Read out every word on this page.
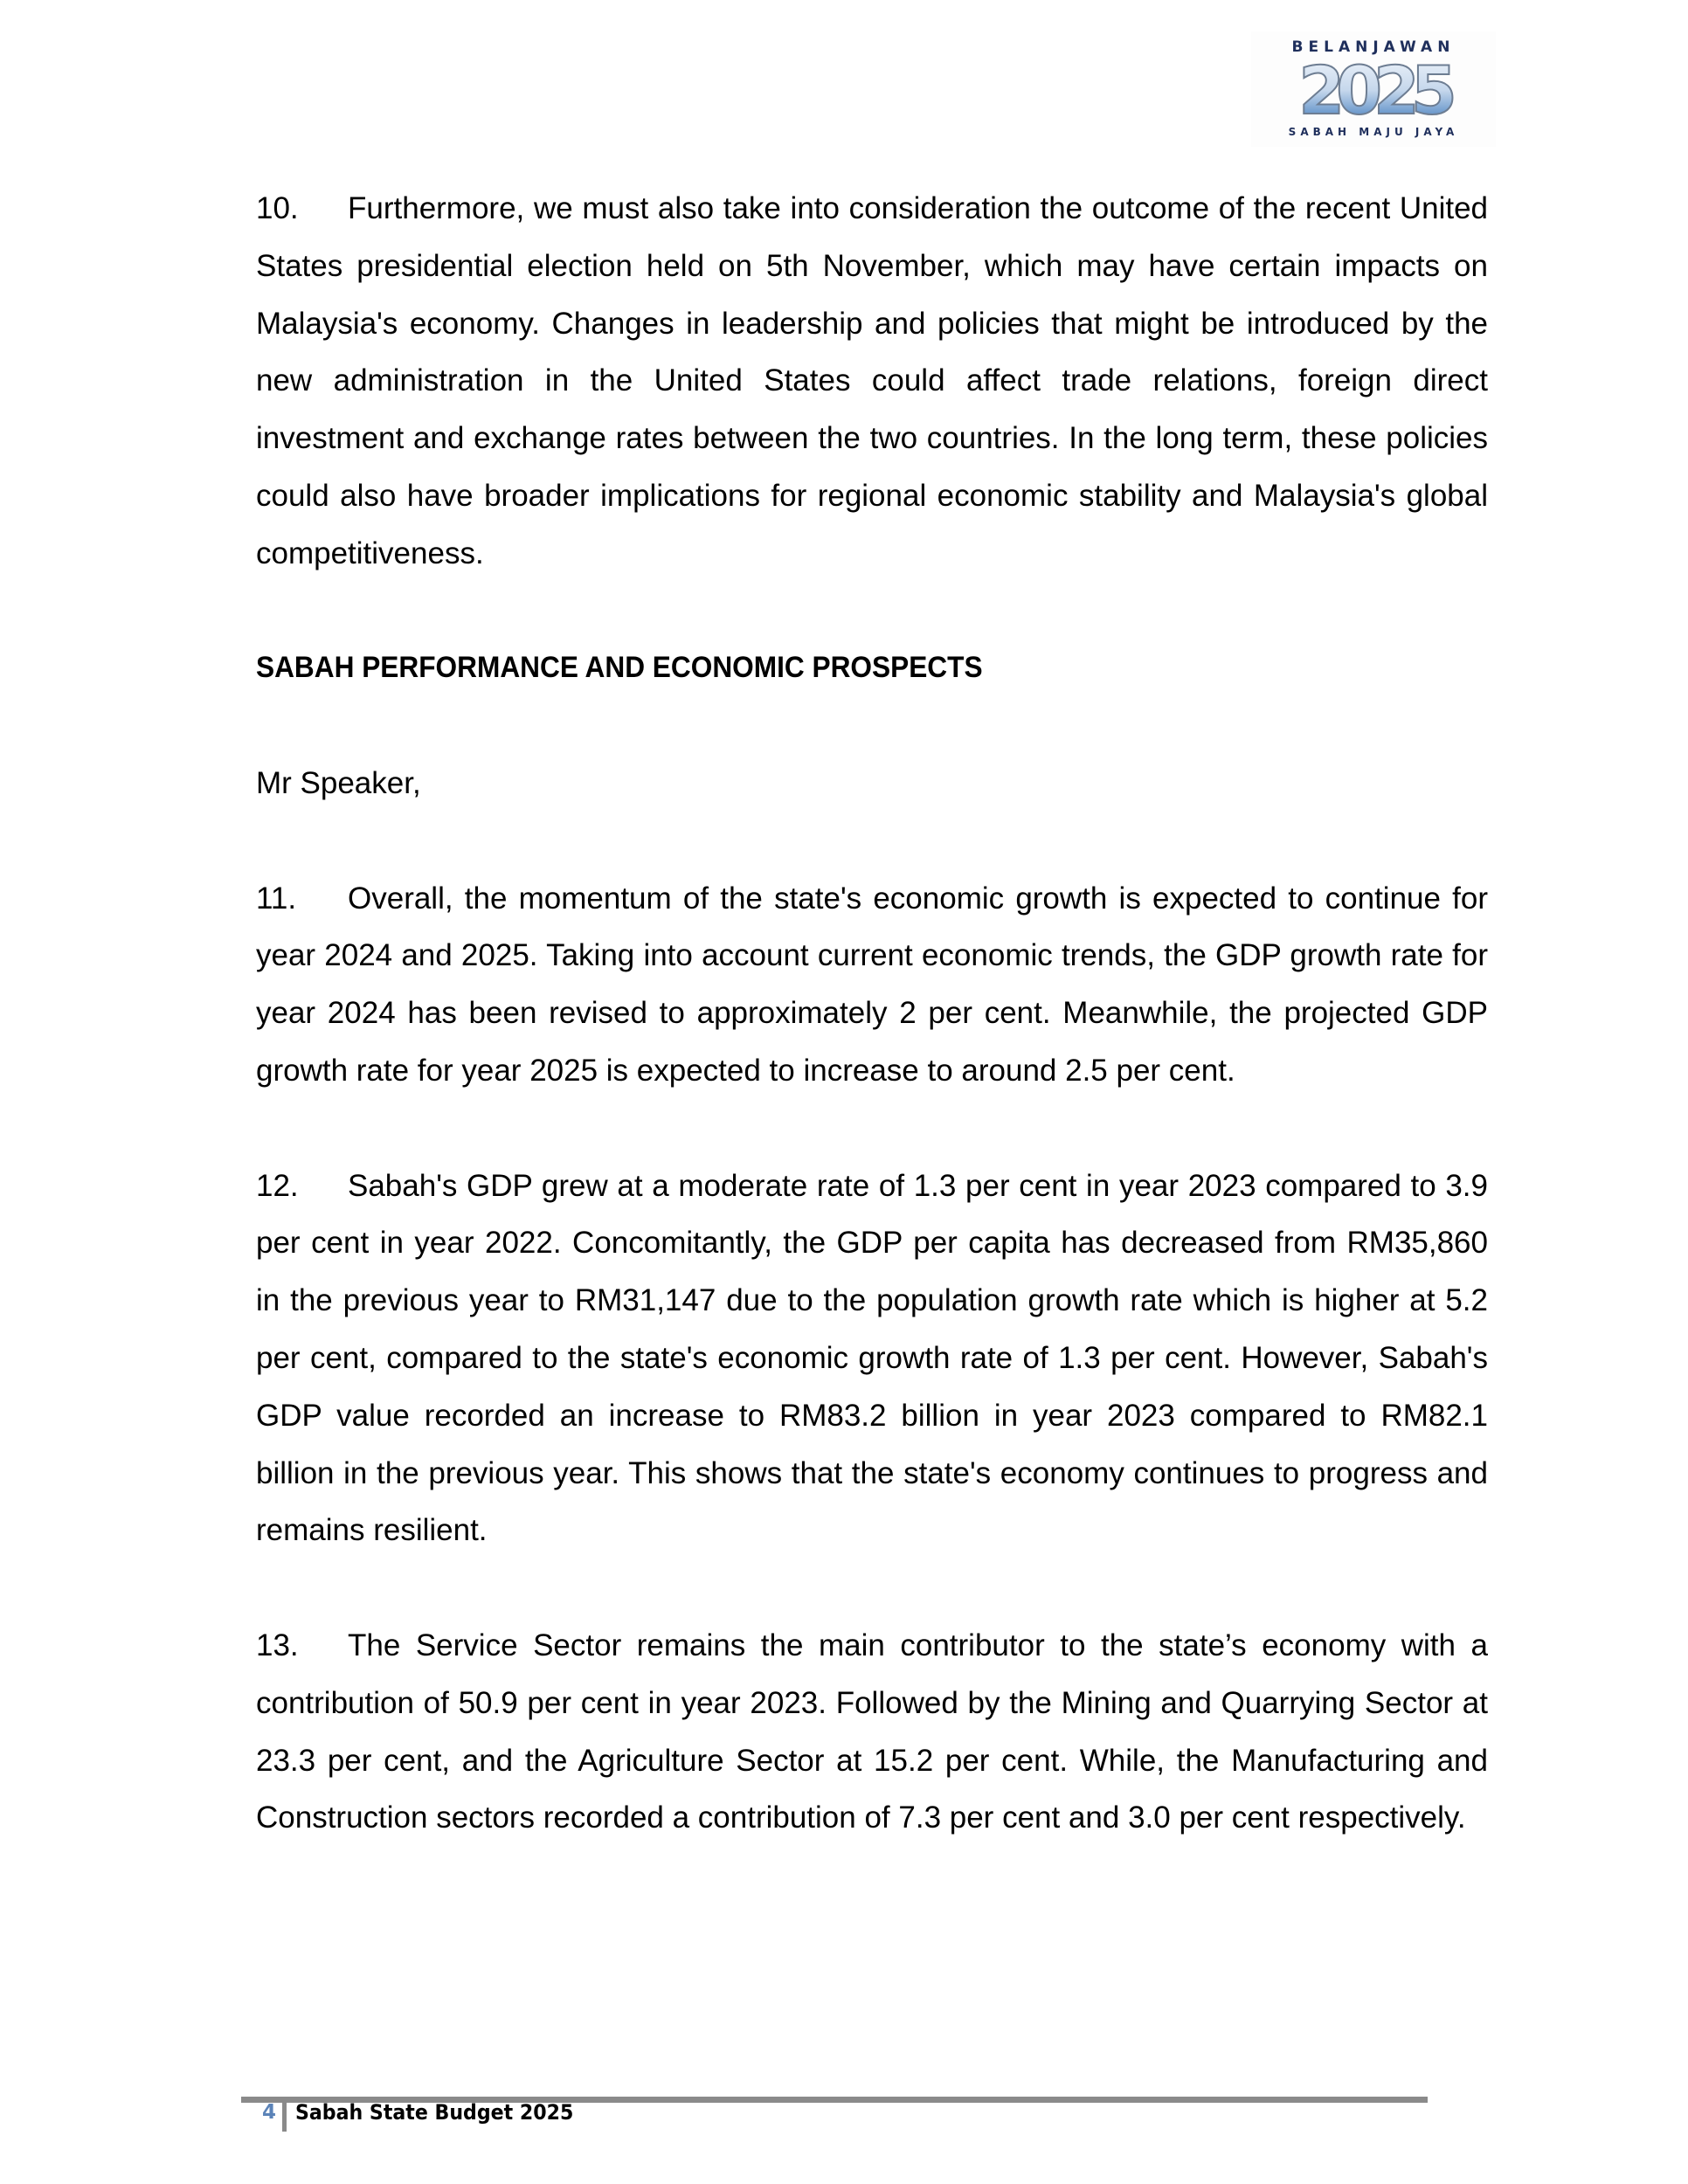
BELANJAWAN
2025
SABAH MAJU JAYA

10. Furthermore, we must also take into consideration the outcome of the recent United States presidential election held on 5th November, which may have certain impacts on Malaysia's economy. Changes in leadership and policies that might be introduced by the new administration in the United States could affect trade relations, foreign direct investment and exchange rates between the two countries. In the long term, these policies could also have broader implications for regional economic stability and Malaysia's global competitiveness.

SABAH PERFORMANCE AND ECONOMIC PROSPECTS
Mr Speaker,

11. Overall, the momentum of the state's economic growth is expected to continue for year 2024 and 2025. Taking into account current economic trends, the GDP growth rate for year 2024 has been revised to approximately 2 per cent. Meanwhile, the projected GDP growth rate for year 2025 is expected to increase to around 2.5 per cent.

12. Sabah's GDP grew at a moderate rate of 1.3 per cent in year 2023 compared to 3.9 per cent in year 2022. Concomitantly, the GDP per capita has decreased from RM35,860 in the previous year to RM31,147 due to the population growth rate which is higher at 5.2 per cent, compared to the state's economic growth rate of 1.3 per cent. However, Sabah's GDP value recorded an increase to RM83.2 billion in year 2023 compared to RM82.1 billion in the previous year. This shows that the state's economy continues to progress and remains resilient.

13. The Service Sector remains the main contributor to the state’s economy with a contribution of 50.9 per cent in year 2023. Followed by the Mining and Quarrying Sector at 23.3 per cent, and the Agriculture Sector at 15.2 per cent. While, the Manufacturing and Construction sectors recorded a contribution of 7.3 per cent and 3.0 per cent respectively.

4 Sabah State Budget 2025
